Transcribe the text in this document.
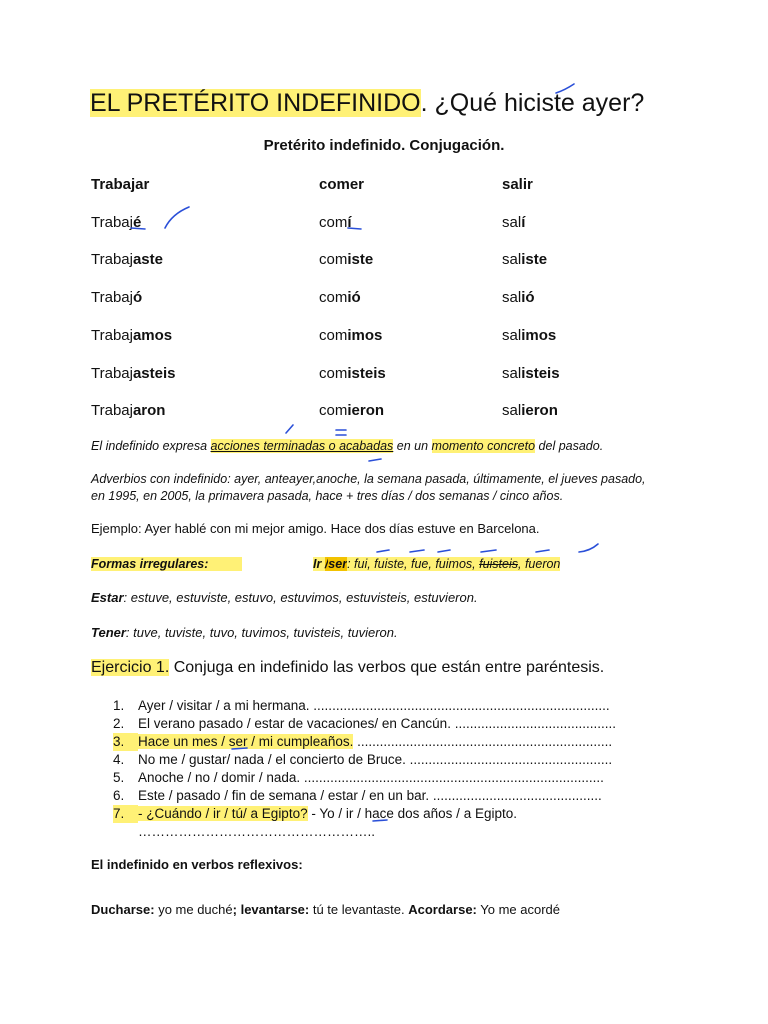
EL PRETÉRITO INDEFINIDO. ¿Qué hiciste ayer?
Pretérito indefinido. Conjugación.
Trabajar	comer	salir
Trabajé	comí	salí
Trabajaste	comiste	saliste
Trabajó	comió	salió
Trabajamos	comimos	salimos
Trabajasteis	comisteis	salisteis
Trabajaron	comieron	salieron
El indefinido expresa acciones terminadas o acabadas en un momento concreto del pasado.
Adverbios con indefinido: ayer, anteayer,anoche, la semana pasada, últimamente, el jueves pasado,
en 1995, en 2005, la primavera pasada, hace + tres días / dos semanas / cinco años.
Ejemplo: Ayer hablé con mi mejor amigo. Hace dos días estuve en Barcelona.
Formas irregulares:	Ir /ser: fui, fuiste, fue, fuimos, fuisteis, fueron
Estar: estuve, estuviste, estuvo, estuvimos, estuvisteis, estuvieron.
Tener: tuve, tuviste, tuvo, tuvimos, tuvisteis, tuvieron.
Ejercicio 1. Conjuga en indefinido las verbos que están entre paréntesis.
1. Ayer / visitar / a mi hermana. ...............................................................................
2. El verano pasado / estar de vacaciones/ en Cancún. ...........................................
3. Hace un mes / ser / mi cumpleaños. ....................................................................
4. No me / gustar/ nada / el concierto de Bruce. ......................................................
5. Anoche / no / domir / nada. ................................................................................
6. Este / pasado / fin de semana / estar / en un bar. .............................................
7. - ¿Cuándo / ir / tú/ a Egipto? - Yo / ir / hace dos años / a Egipto.
……………………………………………..
El indefinido en verbos reflexivos:
Ducharse: yo me duché; levantarse: tú te levantaste. Acordarse: Yo me acordé
